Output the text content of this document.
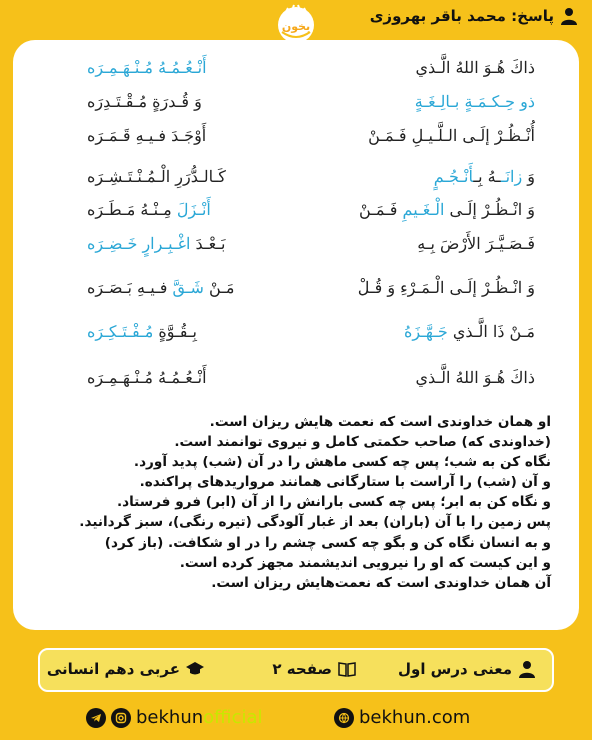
پاسخ: محمد باقر بهروزی
بخون
ذاكَ هُـوَ اللهُ الَّـذي
أَنْـعُـمُـهُ مُـنْـهَـمِـرَه
ذو حِـكـمَـةٍ بـالِـغَـةٍ
وَ قُـدرَةٍ مُـقْـتَـدِرَه
أُنْـظُـرْ إلَـى الـلَّـيـلِ فَـمَـنْ
أَوْجَـدَ فـيـهِ قَـمَـرَه
وَ زانَــهُ بِـأَنْـجُـمٍ
كَـالـدُّرَرِ الْـمُـنْـتَـشِـرَه
وَ انْـظُـرْ إلَـى الْـغَـيمِ فَـمَـنْ
أَنْـزَلَ مِـنْـهُ مَـطَـرَه
فَـصَـيَّـرَ الأَرْضَ بِـهِ
بَـعْـدَ اغْـبِـرارٍ خَـضِـرَه
وَ انْـظُـرْ إلَـى الْـمَـرْءِ وَ قُـلْ
مَـنْ شَـقَّ فـيـهِ بَـصَـرَه
مَـنْ ذَا الَّـذي جَـهَّـزَهُ
بِـقُـوَّةٍ مُـفْـتَـكِـرَه
ذاكَ هُـوَ اللهُ الَّـذي
أَنْـعُـمُـهُ مُـنْـهَـمِـرَه
او همان خداوندی است که نعمت هایش ریزان است.
(خداوندی که) صاحب حکمتی کامل و نیروی توانمند است.
نگاه کن به شب؛ پس چه کسی ماهش را در آن (شب) پدید آورد.
و آن (شب) را آراست با ستارگانی همانند مرواریدهای پراکنده.
و نگاه کن به ابر؛ پس چه کسی بارانش را از آن (ابر) فرو فرستاد.
پس زمین را با آن (باران) بعد از غبار آلودگی (تیره رنگی)، سبز گردانید.
و به انسان نگاه کن و بگو چه کسی چشم را در او شکافت. (باز کرد)
و این کیست که او را نیرویی اندیشمند مجهز کرده است.
آن همان خداوندی است که نعمت‌هایش ریزان است.
معنی درس اول
صفحه ۲
عربی دهم انسانی
bekhun official	bekhun.com
